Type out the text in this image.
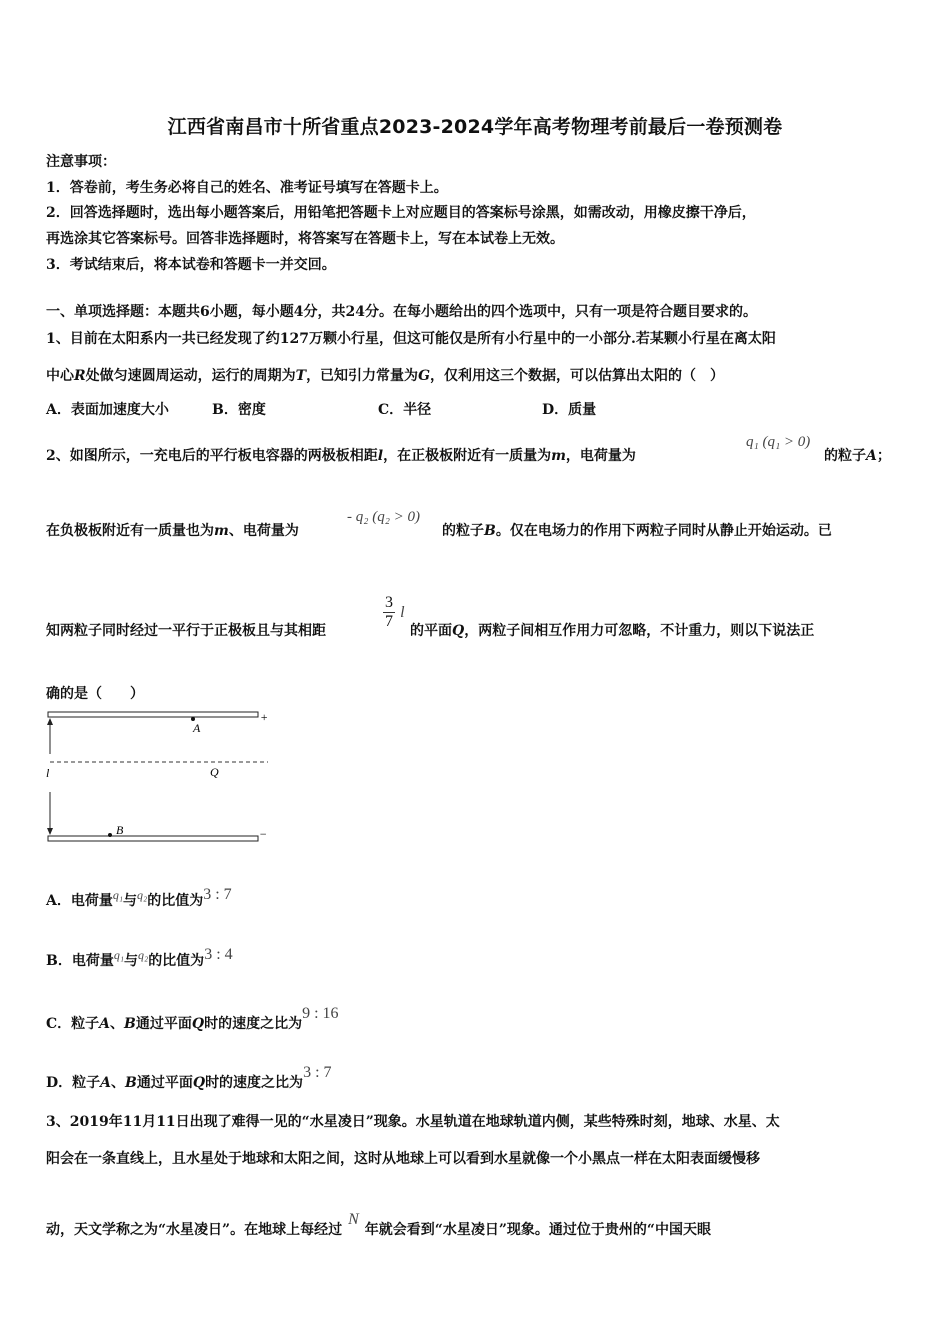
江西省南昌市十所省重点2023-2024学年高考物理考前最后一卷预测卷
注意事项：
1．答卷前，考生务必将自己的姓名、准考证号填写在答题卡上。
2．回答选择题时，选出每小题答案后，用铅笔把答题卡上对应题目的答案标号涂黑，如需改动，用橡皮擦干净后，
再选涂其它答案标号。回答非选择题时，将答案写在答题卡上，写在本试卷上无效。
3．考试结束后，将本试卷和答题卡一并交回。
一、单项选择题：本题共6小题，每小题4分，共24分。在每小题给出的四个选项中，只有一项是符合题目要求的。
1、目前在太阳系内一共已经发现了约127万颗小行星，但这可能仅是所有小行星中的一小部分.若某颗小行星在离太阳
中心R处做匀速圆周运动，运行的周期为T，已知引力常量为G，仅利用这三个数据，可以估算出太阳的（　）
A．表面加速度大小	B．密度	C．半径	D．质量
2、如图所示，一充电后的平行板电容器的两极板相距l，在正极板附近有一质量为m，电荷量为
q₁ (q₁ > 0)
的粒子A；
在负极板附近有一质量也为m、电荷量为
- q₂ (q₂ > 0)
的粒子B。仅在电场力的作用下两粒子同时从静止开始运动。已
知两粒子同时经过一平行于正极板且与其相距	$\frac{3}{7}$ l
的平面Q，两粒子间相互作用力可忽略，不计重力，则以下说法正
确的是（　　）
+
−
A
B
Q
l
A．电荷量q₁与q₂的比值为3 : 7
B．电荷量q₁与q₂的比值为3 : 4
C．粒子A、B通过平面Q时的速度之比为9 : 16
D．粒子A、B通过平面Q时的速度之比为3 : 7
3、2019年11月11日出现了难得一见的“水星凌日”现象。水星轨道在地球轨道内侧，某些特殊时刻，地球、水星、太
阳会在一条直线上，且水星处于地球和太阳之间，这时从地球上可以看到水星就像一个小黑点一样在太阳表面缓慢移
动，天文学称之为“水星凌日”。在地球上每经过N年就会看到“水星凌日”现象。通过位于贵州的“中国天眼
